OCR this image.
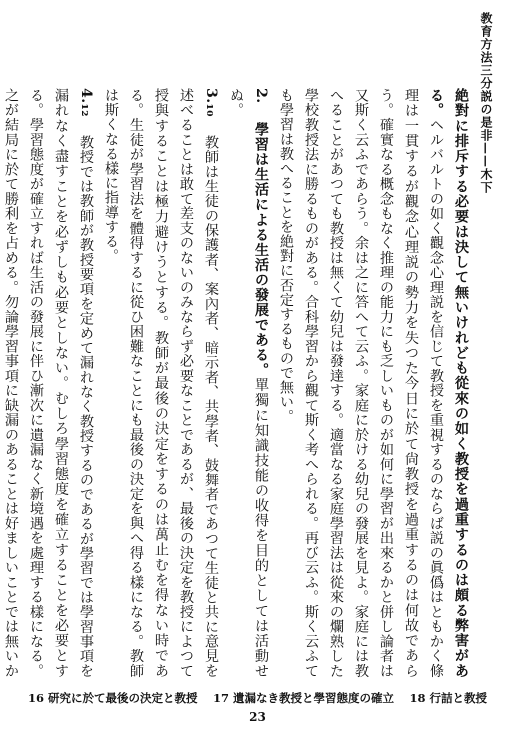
教育方法三分説の是非——木下

絶對に排斥する必要は決して無いけれども從來の如く教授を過重するのは頗る弊害がある。ヘルバルトの如く觀念心理説を信じて教授を重視するのならば説の眞僞はともかく條理は一貫するが觀念心理説の勢力を失つた今日に於て尙教授を過重するのは何故であらう。確實なる概念もなく推理の能力にも乏しいものが如何に學習が出來るかと併し論者は又斯く云ふであらう。余は之に答へて云ふ。家庭に於ける幼兒の發展を見よ。家庭には教へることがあつても教授は無くて幼兒は發達する。適當なる家庭學習法は從來の爛熟した學校教授法に勝るものがある。合科學習から觀て斯く考へられる。再び云ふ。斯く云ふても學習は教へることを絶對に否定するもので無い。

2.學習は生活による生活の發展である。單獨に知識技能の收得を目的としては活動せぬ。

3.₁₀教師は生徒の保護者、案內者、暗示者、共學者、鼓舞者であつて生徒と共に意見を述べることは敢て差支のないのみならず必要なことであるが、最後の決定を教授によつて授與することは極力避けうとする。教師が最後の決定をするのは萬止むを得ない時である。生徒が學習法を體得するに從ひ困難なことにも最後の決定を與へ得る樣になる。教師は斯くなる樣に指導する。

4.₁₂教授では教師が教授要項を定めて漏れなく教授するのであるが學習では學習事項を漏れなく盡すことを必ずしも必要としない。むしろ學習態度を確立することを必要とする。學習態度が確立すれば生活の發展に伴ひ漸次に遺漏なく新境遇を處理する樣になる。之が結局に於て勝利を占める。勿論學習事項に缺漏のあることは好ましいことでは無いか

16 研究に於て最後の決定と教授 17 遺漏なき教授と學習態度の確立 18 行詰と教授
23
